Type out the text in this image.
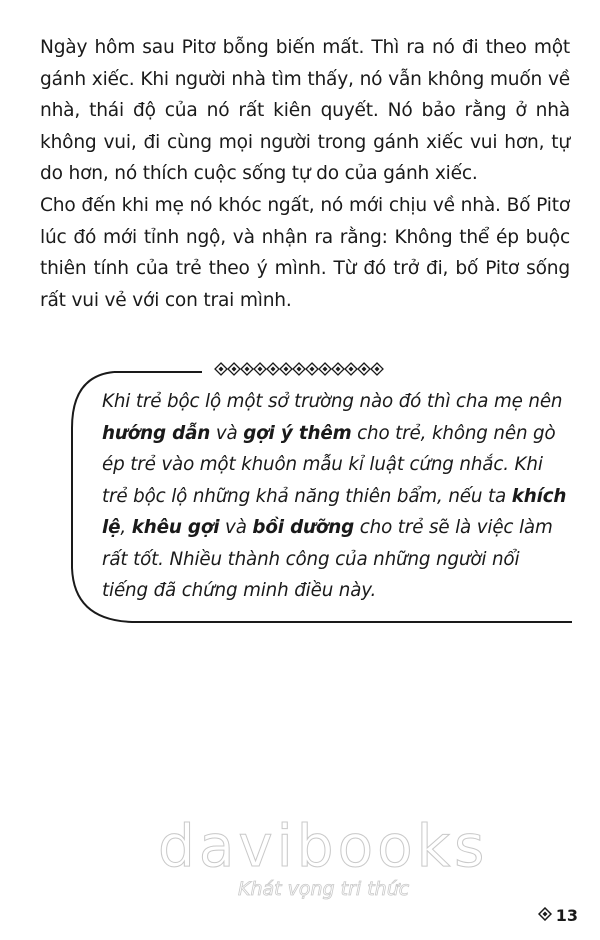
Ngày hôm sau Pitơ bỗng biến mất. Thì ra nó đi theo một gánh xiếc. Khi người nhà tìm thấy, nó vẫn không muốn về nhà, thái độ của nó rất kiên quyết. Nó bảo rằng ở nhà không vui, đi cùng mọi người trong gánh xiếc vui hơn, tự do hơn, nó thích cuộc sống tự do của gánh xiếc.

Cho đến khi mẹ nó khóc ngất, nó mới chịu về nhà. Bố Pitơ lúc đó mới tỉnh ngộ, và nhận ra rằng: Không thể ép buộc thiên tính của trẻ theo ý mình. Từ đó trở đi, bố Pitơ sống rất vui vẻ với con trai mình.

Khi trẻ bộc lộ một sở trường nào đó thì cha mẹ nên hướng dẫn và gợi ý thêm cho trẻ, không nên gò ép trẻ vào một khuôn mẫu kỉ luật cứng nhắc. Khi trẻ bộc lộ những khả năng thiên bẩm, nếu ta khích lệ, khêu gợi và bồi dưỡng cho trẻ sẽ là việc làm rất tốt. Nhiều thành công của những người nổi tiếng đã chứng minh điều này.

davibooks
Khát vọng tri thức
13
